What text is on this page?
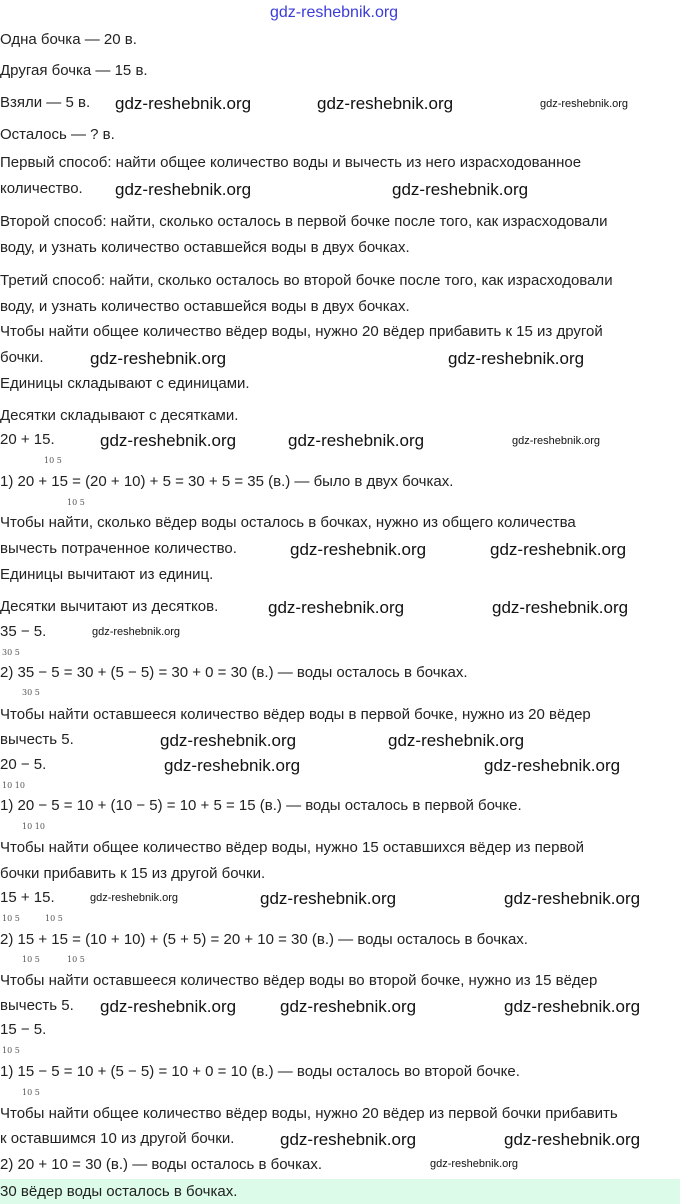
30 вёдер воды осталось в бочках.
Одна бочка — 20 в.
Другая бочка — 15 в.
Взяли — 5 в.
Осталось — ? в.
Первый способ: найти общее количество воды и вычесть из него израсходованное
количество.
Второй способ: найти, сколько осталось в первой бочке после того, как израсходовали
воду, и узнать количество оставшейся воды в двух бочках.
Третий способ: найти, сколько осталось во второй бочке после того, как израсходовали
воду, и узнать количество оставшейся воды в двух бочках.
Чтобы найти общее количество вёдер воды, нужно 20 вёдер прибавить к 15 из другой
бочки.
Единицы складывают с единицами.
Десятки складывают с десятками.
20 + 15.
10 5
1) 20 + 15 = (20 + 10) + 5 = 30 + 5 = 35 (в.) — было в двух бочках.
10 5
Чтобы найти, сколько вёдер воды осталось в бочках, нужно из общего количества
вычесть потраченное количество.
Единицы вычитают из единиц.
Десятки вычитают из десятков.
35 − 5.
30 5
2) 35 − 5 = 30 + (5 − 5) = 30 + 0 = 30 (в.) — воды осталось в бочках.
30 5
Чтобы найти оставшееся количество вёдер воды в первой бочке, нужно из 20 вёдер
вычесть 5.
20 − 5.
10 10
1) 20 − 5 = 10 + (10 − 5) = 10 + 5 = 15 (в.) — воды осталось в первой бочке.
10 10
Чтобы найти общее количество вёдер воды, нужно 15 оставшихся вёдер из первой
бочки прибавить к 15 из другой бочки.
15 + 15.
10 5	10 5
2) 15 + 15 = (10 + 10) + (5 + 5) = 20 + 10 = 30 (в.) — воды осталось в бочках.
10 5	10 5
Чтобы найти оставшееся количество вёдер воды во второй бочке, нужно из 15 вёдер
вычесть 5.
15 − 5.
10 5
1) 15 − 5 = 10 + (5 − 5) = 10 + 0 = 10 (в.) — воды осталось во второй бочке.
10 5
Чтобы найти общее количество вёдер воды, нужно 20 вёдер из первой бочки прибавить
к оставшимся 10 из другой бочки.
2) 20 + 10 = 30 (в.) — воды осталось в бочках.
gdz-reshebnik.org
gdz-reshebnik.org	gdz-reshebnik.org	gdz-reshebnik.org
gdz-reshebnik.org	gdz-reshebnik.org
gdz-reshebnik.org	gdz-reshebnik.org
gdz-reshebnik.org	gdz-reshebnik.org	gdz-reshebnik.org
gdz-reshebnik.org	gdz-reshebnik.org
gdz-reshebnik.org
gdz-reshebnik.org
gdz-reshebnik.org
gdz-reshebnik.org	gdz-reshebnik.org
gdz-reshebnik.org	gdz-reshebnik.org
gdz-reshebnik.org	gdz-reshebnik.org	gdz-reshebnik.org
gdz-reshebnik.org	gdz-reshebnik.org	gdz-reshebnik.org
gdz-reshebnik.org	gdz-reshebnik.org
gdz-reshebnik.org
